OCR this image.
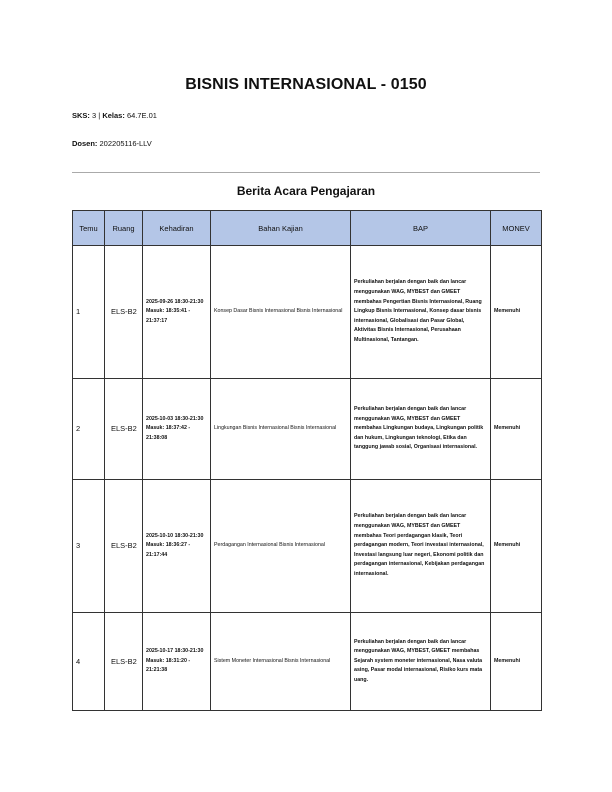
BISNIS INTERNASIONAL - 0150
SKS: 3 | Kelas: 64.7E.01
Dosen: 202205116-LLV
Berita Acara Pengajaran
Temu	Ruang	Kehadiran	Bahan Kajian	BAP	MONEV
1	ELS-B2	2025-09-26 18:30-21:30 Masuk: 18:35:41 - 21:37:17	Konsep Dasar Bisnis Internasional Bisnis Internasional	Perkuliahan berjalan dengan baik dan lancar menggunakan WAG, MYBEST dan GMEET membahas Pengertian Bisnis Internasional, Ruang Lingkup Bisnis Internasional, Konsep dasar bisnis internasional, Globalisasi dan Pasar Global, Aktivitas Bisnis Internasional, Perusahaan Multinasional, Tantangan.	Memenuhi
2	ELS-B2	2025-10-03 18:30-21:30 Masuk: 18:37:42 - 21:38:08	Lingkungan Bisnis Internasional Bisnis Internasional	Perkuliahan berjalan dengan baik dan lancar menggunakan WAG, MYBEST dan GMEET membahas Lingkungan budaya, Lingkungan politik dan hukum, Lingkungan teknologi, Etika dan tanggung jawab sosial, Organisasi internasional.	Memenuhi
3	ELS-B2	2025-10-10 18:30-21:30 Masuk: 18:36:27 - 21:17:44	Perdagangan Internasional Bisnis Internasional	Perkuliahan berjalan dengan baik dan lancar menggunakan WAG, MYBEST dan GMEET membahas Teori perdagangan klasik, Teori perdagangan modern, Teori investasi internasional, Investasi langsung luar negeri, Ekonomi politik dan perdagangan internasional, Kebijakan perdagangan internasional.	Memenuhi
4	ELS-B2	2025-10-17 18:30-21:30 Masuk: 18:31:20 - 21:21:38	Sistem Moneter Internasional Bisnis Internasional	Perkuliahan berjalan dengan baik dan lancar menggunakan WAG, MYBEST, GMEET membahas Sejarah system moneter internasional, Nasa valuta asing, Pasar modal internasional, Risiko kurs mata uang.	Memenuhi
